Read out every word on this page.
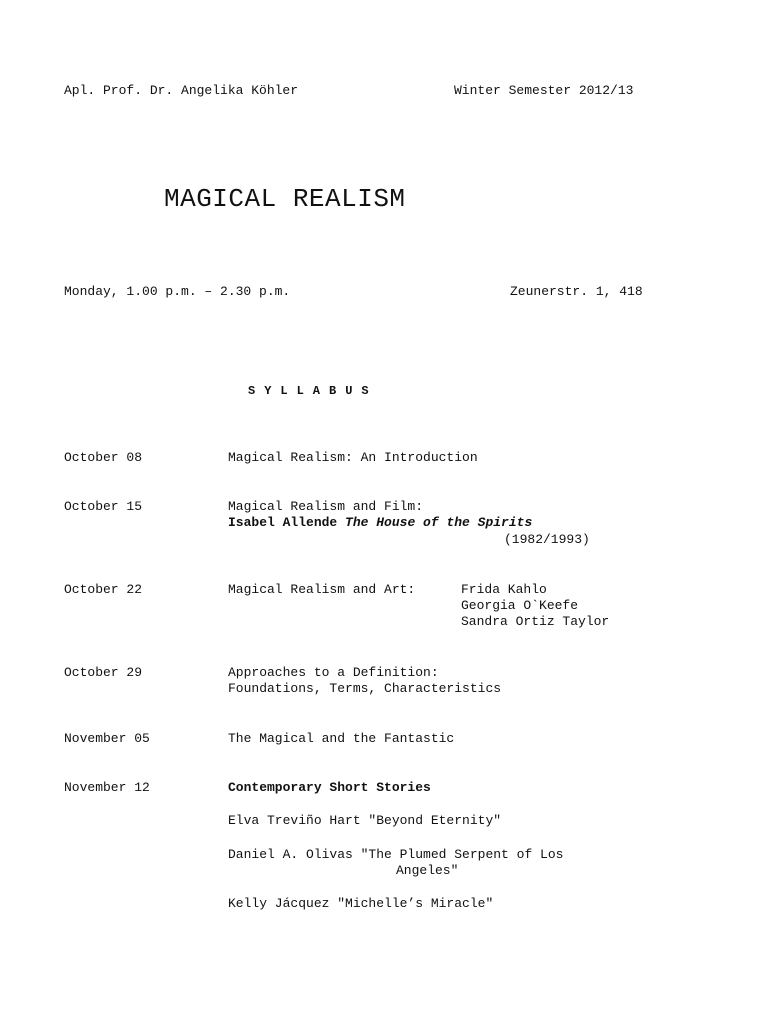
Apl. Prof. Dr. Angelika Köhler	Winter Semester 2012/13
MAGICAL REALISM
Monday, 1.00 p.m. – 2.30 p.m.	Zeunerstr. 1, 418
SYLLABUS
October 08	Magical Realism: An Introduction
October 15	Magical Realism and Film:
Isabel Allende The House of the Spirits
(1982/1993)
October 22	Magical Realism and Art:	Frida Kahlo
Georgia O`Keefe
Sandra Ortiz Taylor
October 29	Approaches to a Definition:
Foundations, Terms, Characteristics
November 05	The Magical and the Fantastic
November 12	Contemporary Short Stories
Elva Treviño Hart "Beyond Eternity"
Daniel A. Olivas "The Plumed Serpent of Los
Angeles"
Kelly Jácquez "Michelle’s Miracle"
